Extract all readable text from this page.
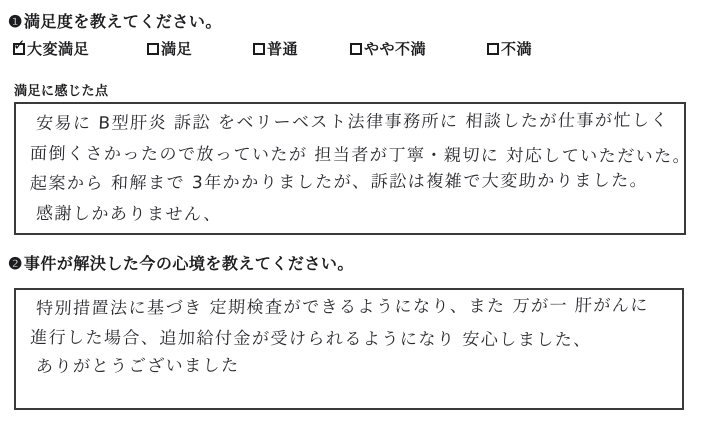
❶満足度を教えてください。
✓ 大変満足	満足	普通	やや不満	不満
満足に感じた点
安易に B型肝炎 訴訟 をベリーベスト法律事務所に 相談したが仕事が忙しく
面倒くさかったので放っていたが 担当者が丁寧・親切に 対応していただいた。
起案から 和解まで 3年かかりましたが、訴訟は複雑で大変助かりました。
感謝しかありません、
❷事件が解決した今の心境を教えてください。
特別措置法に基づき 定期検査ができるようになり、また 万が一 肝がんに
進行した場合、追加給付金が受けられるようになり 安心しました、
ありがとうございました
